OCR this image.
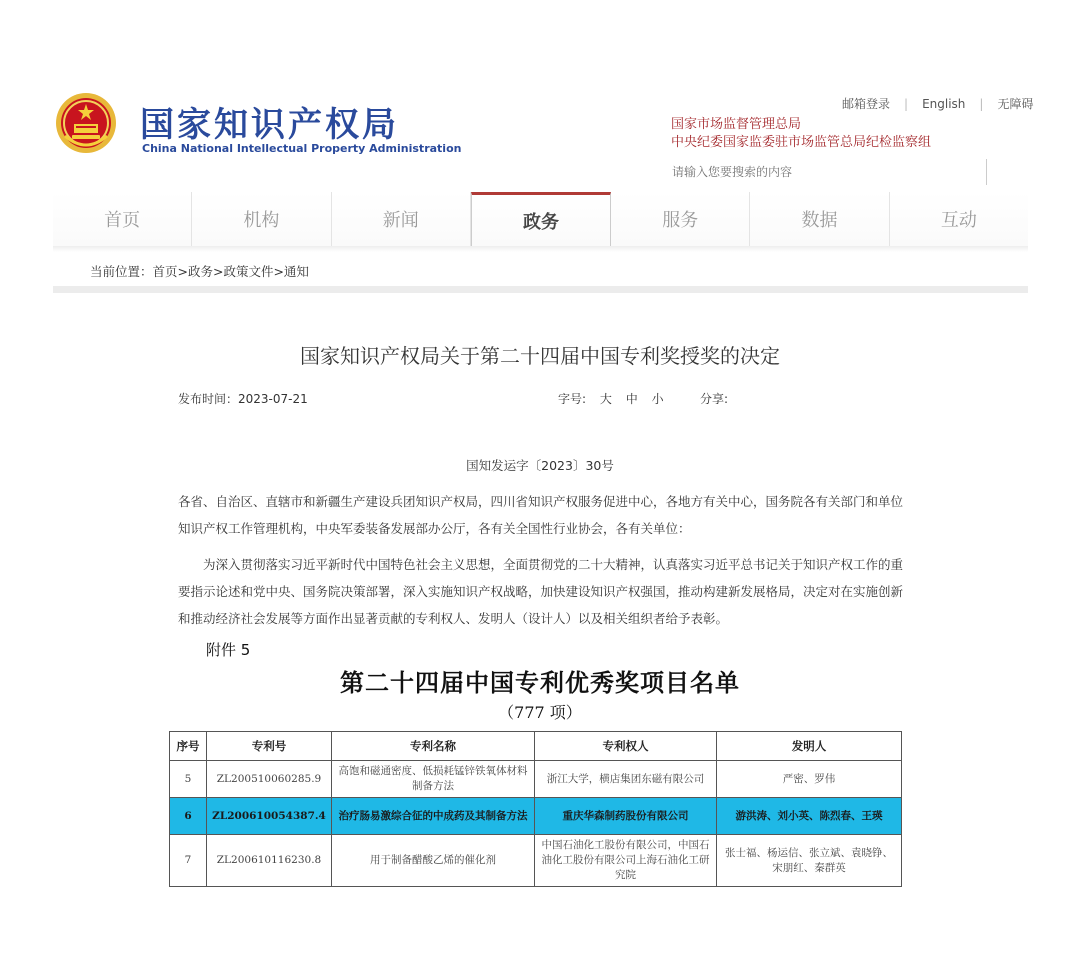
国家知识产权局
China National Intellectual Property Administration
邮箱登录 | English | 无障碍
国家市场监督管理总局
中央纪委国家监委驻市场监管总局纪检监察组
请输入您要搜索的内容
首页	机构	新闻	政务	服务	数据	互动
当前位置：首页>政务>政策文件>通知
国家知识产权局关于第二十四届中国专利奖授奖的决定
发布时间：2023-07-21	字号: 大 中 小	分享:
国知发运字〔2023〕30号
各省、自治区、直辖市和新疆生产建设兵团知识产权局，四川省知识产权服务促进中心，各地方有关中心，国务院各有关部门和单位知识产权工作管理机构，中央军委装备发展部办公厅，各有关全国性行业协会，各有关单位：
为深入贯彻落实习近平新时代中国特色社会主义思想，全面贯彻党的二十大精神，认真落实习近平总书记关于知识产权工作的重要指示论述和党中央、国务院决策部署，深入实施知识产权战略，加快建设知识产权强国，推动构建新发展格局，决定对在实施创新和推动经济社会发展等方面作出显著贡献的专利权人、发明人（设计人）以及相关组织者给予表彰。
附件 5
第二十四届中国专利优秀奖项目名单
（777 项）
序号	专利号	专利名称	专利权人	发明人
5	ZL200510060285.9	高饱和磁通密度、低损耗锰锌铁氧体材料制备方法	浙江大学，横店集团东磁有限公司	严密、罗伟
6	ZL200610054387.4	治疗肠易激综合征的中成药及其制备方法	重庆华森制药股份有限公司	游洪涛、刘小英、陈烈春、王瑛
7	ZL200610116230.8	用于制备醋酸乙烯的催化剂	中国石油化工股份有限公司，中国石油化工股份有限公司上海石油化工研究院	张士福、杨运信、张立斌、袁晓铮、宋朋红、秦群英
